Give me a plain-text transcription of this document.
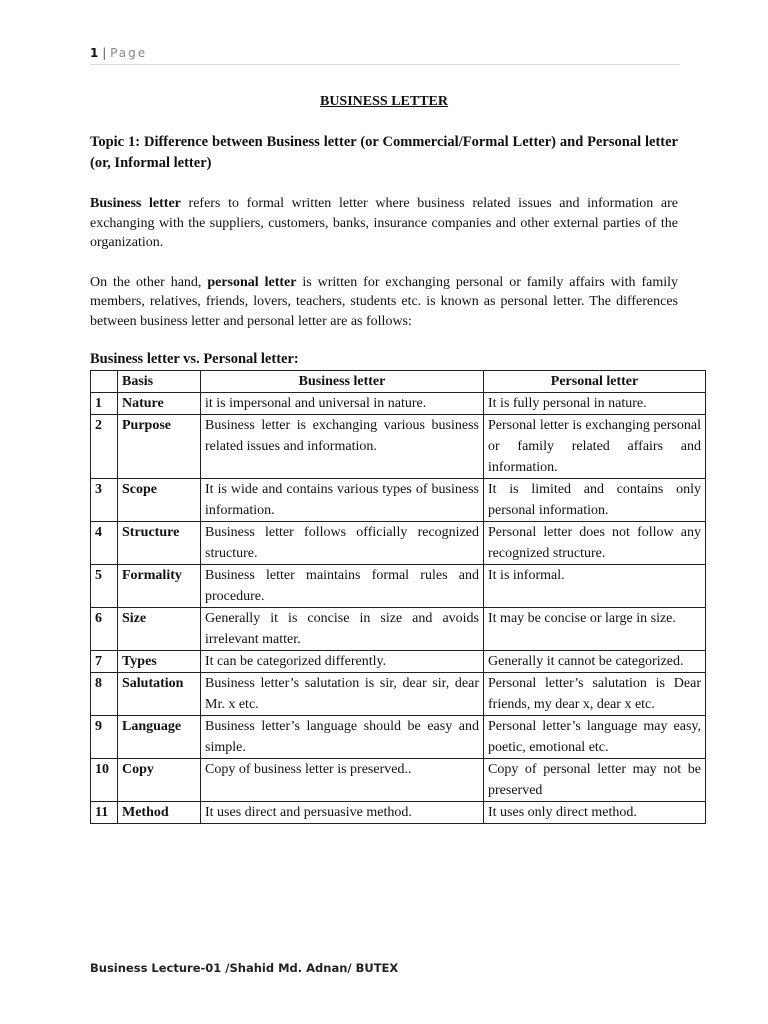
1 | Page
BUSINESS LETTER
Topic 1: Difference between Business letter (or Commercial/Formal Letter) and Personal letter (or, Informal letter)

Business letter refers to formal written letter where business related issues and information are exchanging with the suppliers, customers, banks, insurance companies and other external parties of the organization.

On the other hand, personal letter is written for exchanging personal or family affairs with family members, relatives, friends, lovers, teachers, students etc. is known as personal letter. The differences between business letter and personal letter are as follows:

Business letter vs. Personal letter:
	Basis	Business letter	Personal letter
1	Nature	it is impersonal and universal in nature.	It is fully personal in nature.
2	Purpose	Business letter is exchanging various business related issues and information.	Personal letter is exchanging personal or family related affairs and information.
3	Scope	It is wide and contains various types of business information.	It is limited and contains only personal information.
4	Structure	Business letter follows officially recognized structure.	Personal letter does not follow any recognized structure.
5	Formality	Business letter maintains formal rules and procedure.	It is informal.
6	Size	Generally it is concise in size and avoids irrelevant matter.	It may be concise or large in size.
7	Types	It can be categorized differently.	Generally it cannot be categorized.
8	Salutation	Business letter’s salutation is sir, dear sir, dear Mr. x etc.	Personal letter’s salutation is Dear friends, my dear x, dear x etc.
9	Language	Business letter’s language should be easy and simple.	Personal letter’s language may easy, poetic, emotional etc.
10	Copy	Copy of business letter is preserved..	Copy of personal letter may not be preserved
11	Method	It uses direct and persuasive method.	It uses only direct method.
Business Lecture-01 /Shahid Md. Adnan/ BUTEX
